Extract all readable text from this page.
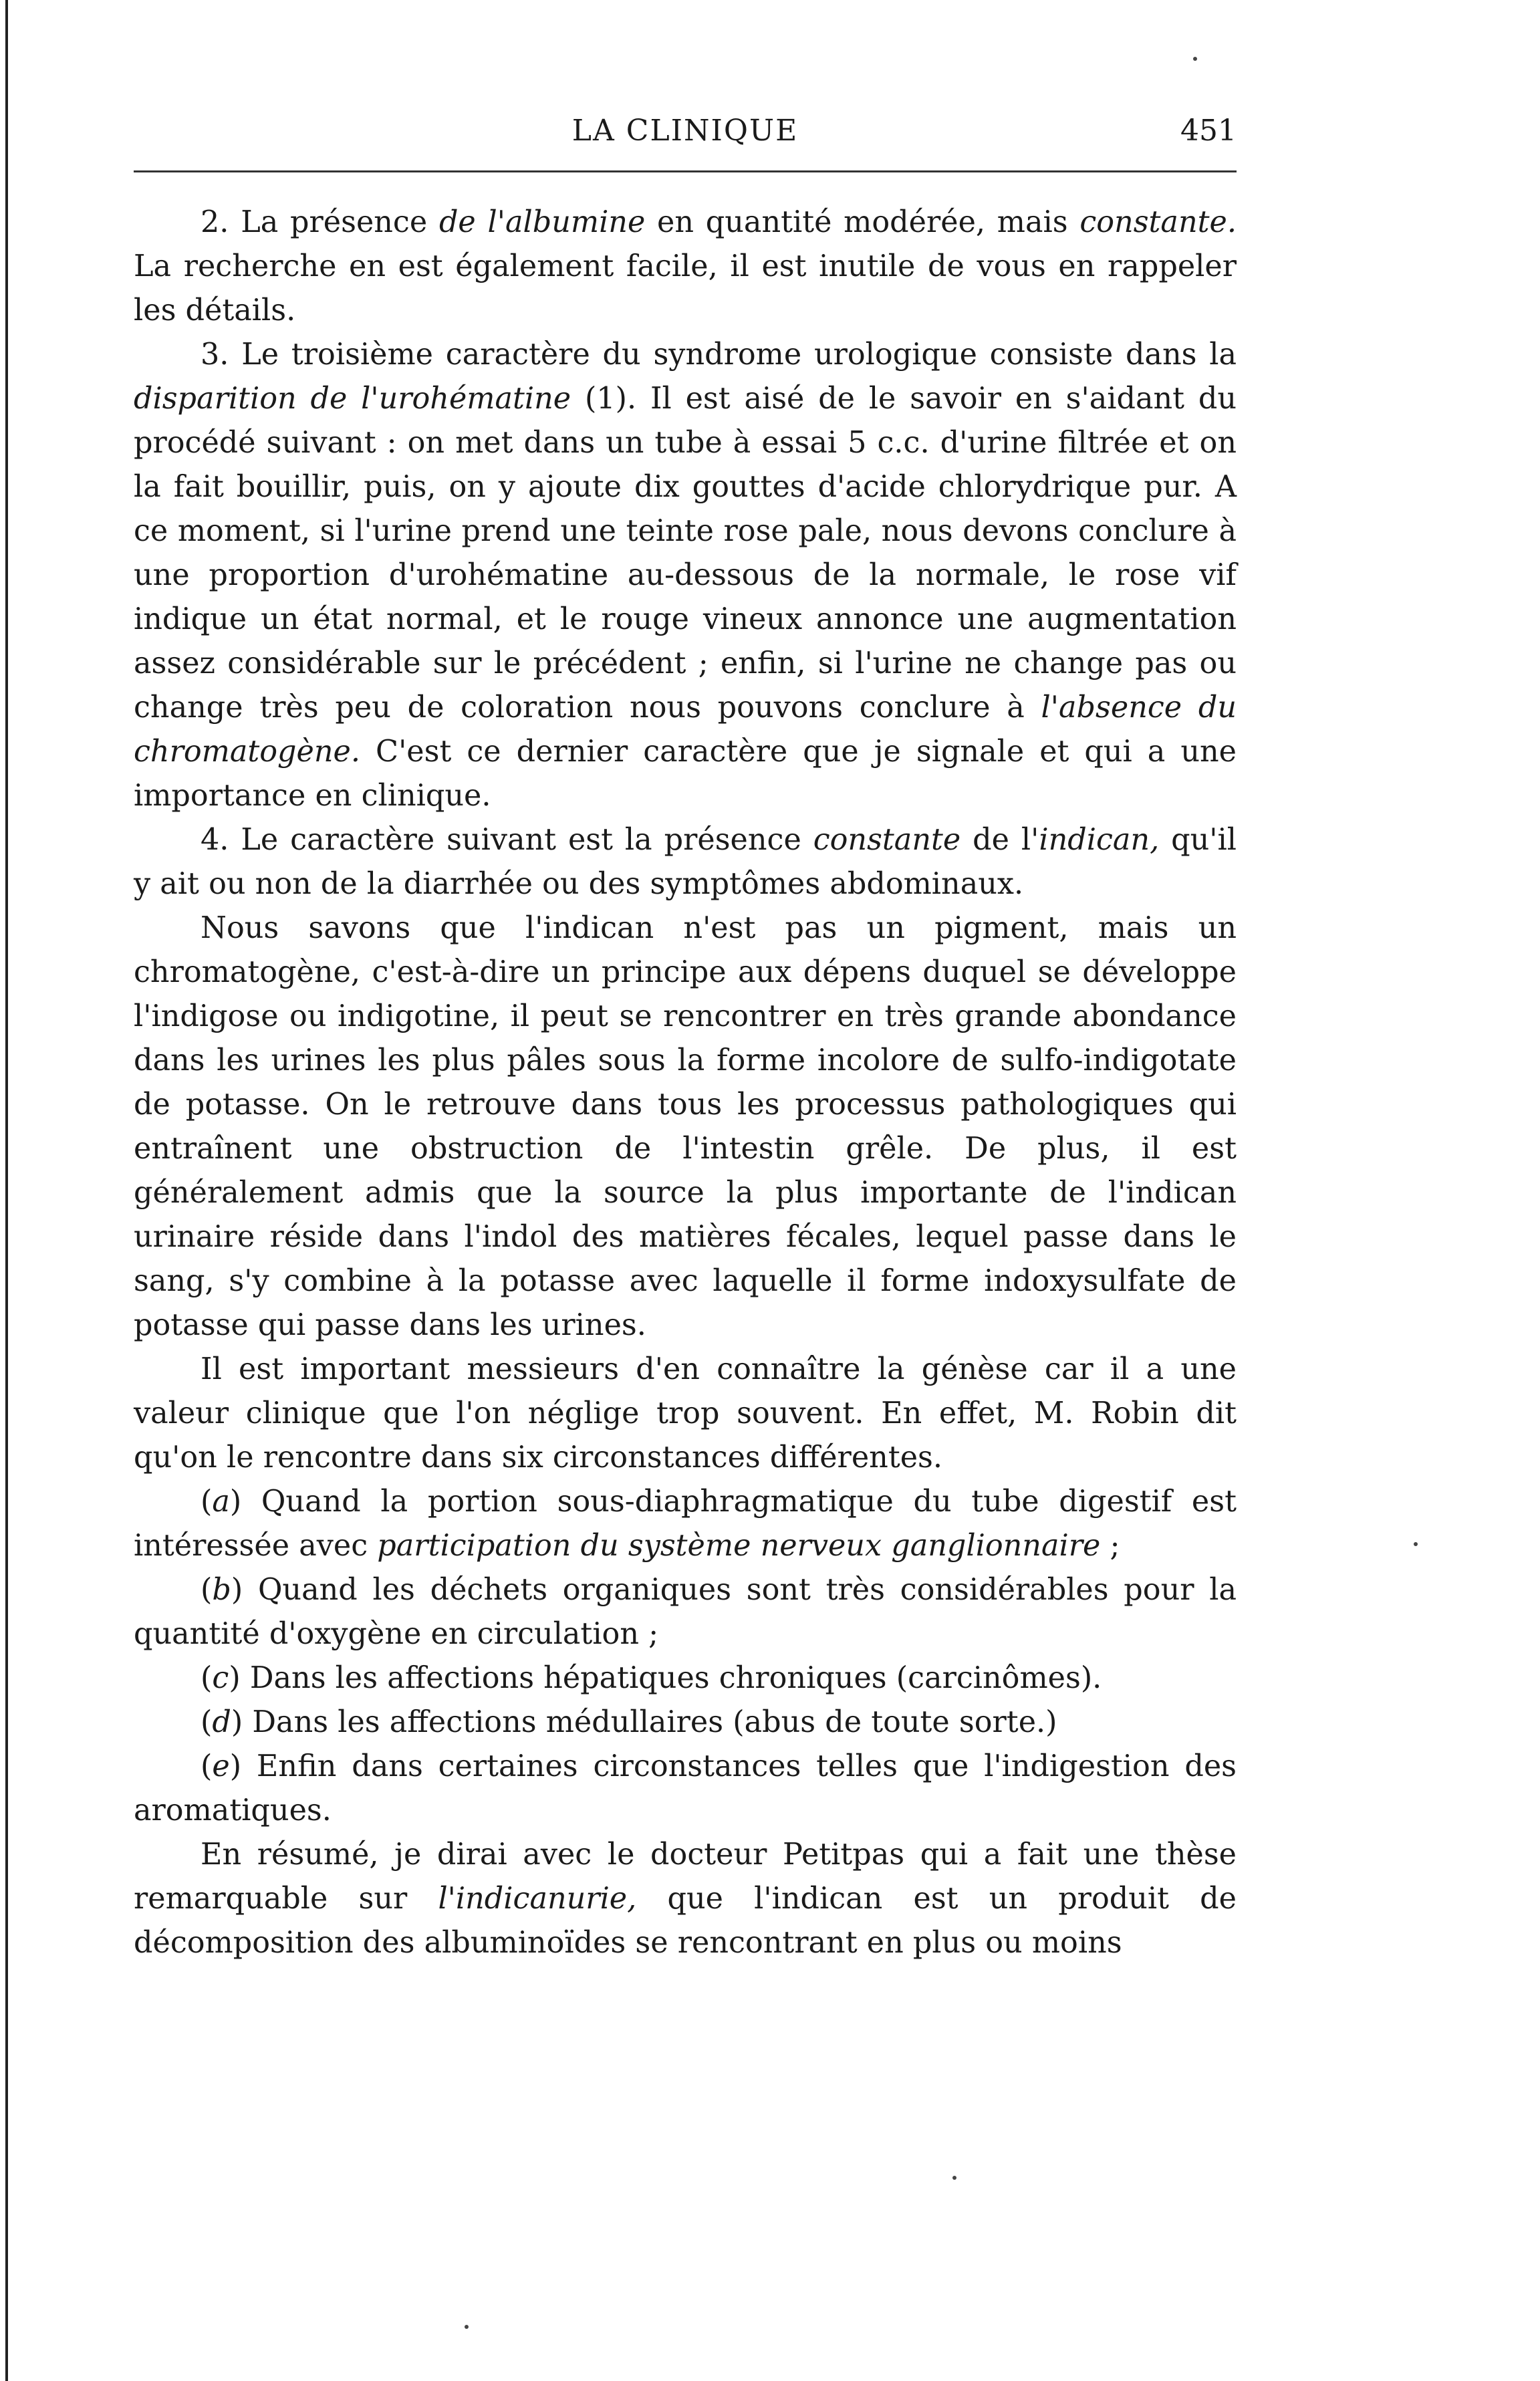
LA CLINIQUE	451

2. La présence de l'albumine en quantité modérée, mais constante. La recherche en est également facile, il est inutile de vous en rappeler les détails.

3. Le troisième caractère du syndrome urologique consiste dans la disparition de l'urohématine (1). Il est aisé de le savoir en s'aidant du procédé suivant : on met dans un tube à essai 5 c.c. d'urine filtrée et on la fait bouillir, puis, on y ajoute dix gouttes d'acide chlorydrique pur. A ce moment, si l'urine prend une teinte rose pale, nous devons conclure à une proportion d'urohématine au-dessous de la normale, le rose vif indique un état normal, et le rouge vineux annonce une augmentation assez considérable sur le précédent ; enfin, si l'urine ne change pas ou change très peu de coloration nous pouvons conclure à l'absence du chromatogène. C'est ce dernier caractère que je signale et qui a une importance en clinique.

4. Le caractère suivant est la présence constante de l'indican, qu'il y ait ou non de la diarrhée ou des symptômes abdominaux.

Nous savons que l'indican n'est pas un pigment, mais un chromatogène, c'est-à-dire un principe aux dépens duquel se développe l'indigose ou indigotine, il peut se rencontrer en très grande abondance dans les urines les plus pâles sous la forme incolore de sulfo-indigotate de potasse. On le retrouve dans tous les processus pathologiques qui entraînent une obstruction de l'intestin grêle. De plus, il est généralement admis que la source la plus importante de l'indican urinaire réside dans l'indol des matières fécales, lequel passe dans le sang, s'y combine à la potasse avec laquelle il forme indoxysulfate de potasse qui passe dans les urines.

Il est important messieurs d'en connaître la génèse car il a une valeur clinique que l'on néglige trop souvent. En effet, M. Robin dit qu'on le rencontre dans six circonstances différentes.

(a) Quand la portion sous-diaphragmatique du tube digestif est intéressée avec participation du système nerveux ganglionnaire ;

(b) Quand les déchets organiques sont très considérables pour la quantité d'oxygène en circulation ;

(c) Dans les affections hépatiques chroniques (carcinômes).

(d) Dans les affections médullaires (abus de toute sorte.)

(e) Enfin dans certaines circonstances telles que l'indigestion des aromatiques.

En résumé, je dirai avec le docteur Petitpas qui a fait une thèse remarquable sur l'indicanurie, que l'indican est un produit de décomposition des albuminoïdes se rencontrant en plus ou moins
